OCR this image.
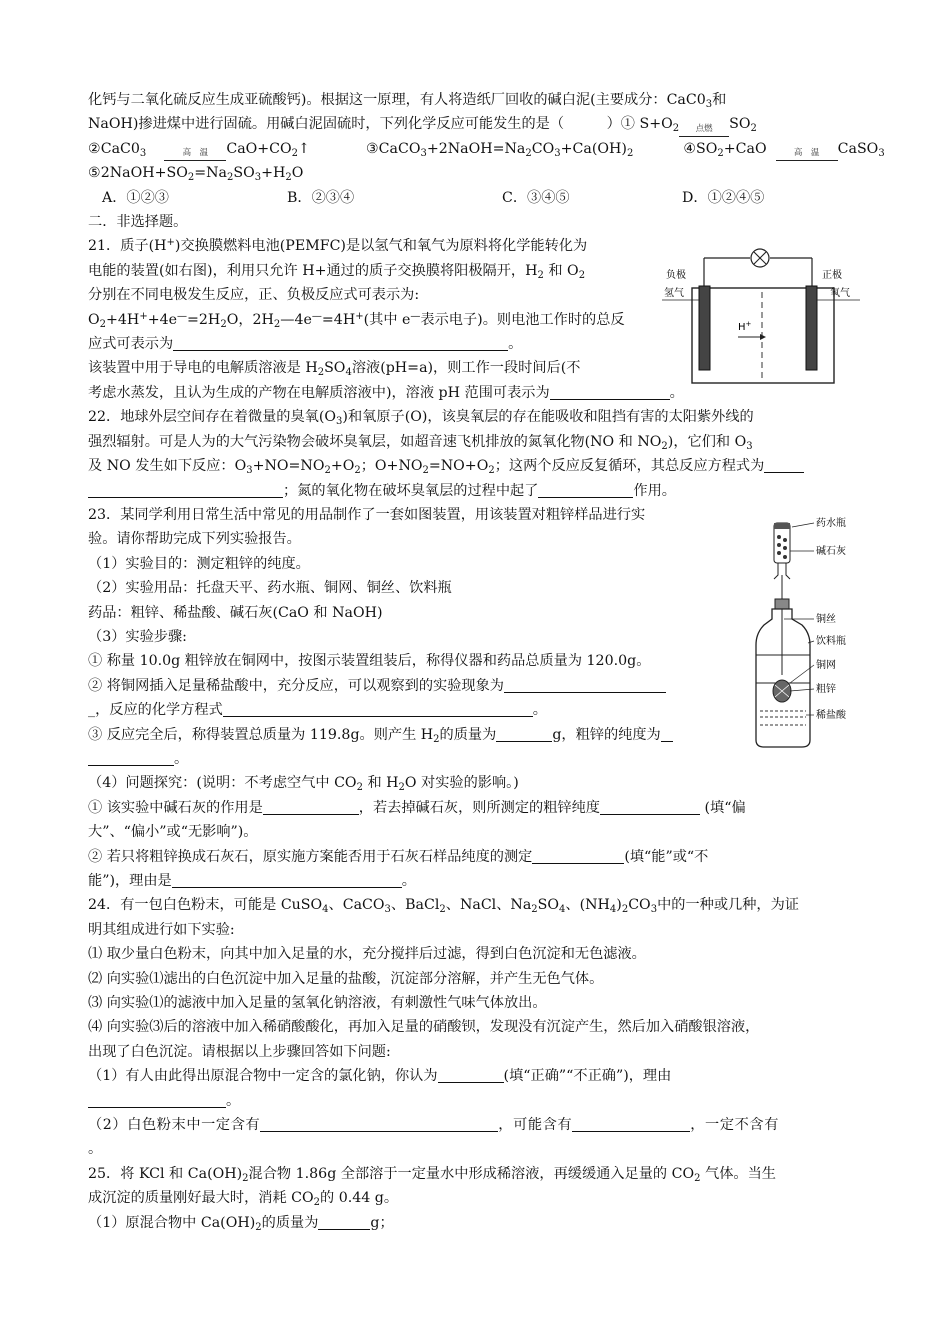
化钙与二氧化硫反应生成亚硫酸钙)。根据这一原理，有人将造纸厂回收的碱白泥(主要成分：$CaC0_3$和
NaOH)掺进煤中进行固硫。用碱白泥固硫时，下列化学反应可能发生的是（　　　）① $S+O_2$	点燃	$SO_2$
$②CaC0_3$	高　温	$CaO+CO_2↑$	$③CaCO_3+2NaOH=Na_2CO_3+Ca(OH)_2$	$④SO_2+CaO$	高　温	CaSO$_3$
$⑤2NaOH+SO_2=Na_2SO_3+H_2O$
A．①②③	B．②③④	C．③④⑤	D．①②④⑤
二．非选择题。
21．质子(H+)交换膜燃料电池(PEMFC)是以氢气和氧气为原料将化学能转化为
电能的装置(如右图)，利用只允许 H+通过的质子交换膜将阳极隔开，$H_2$ 和 $O_2$
分别在不同电极发生反应，正、负极反应式可表示为:
$O_2+4H^++4e^—=2H_2O$，$2H_2—4e^—=4H^+$(其中 e—表示电子)。则电池工作时的总反
应式可表示为	。
该装置中用于导电的电解质溶液是 $H_2SO_4$溶液(pH=a)，则工作一段时间后(不
考虑水蒸发，且认为生成的产物在电解质溶液中)，溶液 pH 范围可表示为	。
22．地球外层空间存在着微量的臭氧$(O_3)$和氧原子(O)，该臭氧层的存在能吸收和阻挡有害的太阳紫外线的
强烈辐射。可是人为的大气污染物会破坏臭氧层，如超音速飞机排放的氮氧化物(NO 和 $NO_2$)，它们和 $O_3$
及 NO 发生如下反应：$O_3+NO=NO_2+O_2$；$O+NO_2=NO+O_2$；这两个反应反复循环，其总反应方程式为
；氮的氧化物在破坏臭氧层的过程中起了	作用。
23．某同学利用日常生活中常见的用品制作了一套如图装置，用该装置对粗锌样品进行实
验。请你帮助完成下列实验报告。
（1）实验目的：测定粗锌的纯度。
（2）实验用品：托盘天平、药水瓶、铜网、铜丝、饮料瓶
药品：粗锌、稀盐酸、碱石灰(CaO 和 NaOH)
（3）实验步骤:
① 称量 10.0g 粗锌放在铜网中，按图示装置组装后，称得仪器和药品总质量为 120.0g。
② 将铜网插入足量稀盐酸中，充分反应，可以观察到的实验现象为
_，反应的化学方程式	。
③ 反应完全后，称得装置总质量为 119.8g。则产生 $H_2$的质量为	g，粗锌的纯度为
。
（4）问题探究：(说明：不考虑空气中 $CO_2$ 和 $H_2O$ 对实验的影响。)
① 该实验中碱石灰的作用是	，若去掉碱石灰，则所测定的粗锌纯度	(填“偏
大”、“偏小”或“无影响”)。
② 若只将粗锌换成石灰石，原实施方案能否用于石灰石样品纯度的测定	(填“能”或“不
能”)，理由是	。
24．有一包白色粉末，可能是 CuSO$_4$、CaCO$_3$、BaCl$_2$、NaCl、$Na_2SO_4$、$(NH_4)_2CO_3$中的一种或几种，为证
明其组成进行如下实验:
⑴ 取少量白色粉末，向其中加入足量的水，充分搅拌后过滤，得到白色沉淀和无色滤液。
⑵ 向实验⑴滤出的白色沉淀中加入足量的盐酸，沉淀部分溶解，并产生无色气体。
⑶ 向实验⑴的滤液中加入足量的氢氧化钠溶液，有刺激性气味气体放出。
⑷ 向实验⑶后的溶液中加入稀硝酸酸化，再加入足量的硝酸钡，发现没有沉淀产生，然后加入硝酸银溶液，
出现了白色沉淀。请根据以上步骤回答如下问题:
（1）有人由此得出原混合物中一定含的氯化钠，你认为	(填“正确”“不正确”)，理由
。
（2）白色粉末中一定含有	，可能含有	，一定不含有
。
25．将 KCl 和 $Ca(OH)_2$混合物 1.86g 全部溶于一定量水中形成稀溶液，再缓缓通入足量的 $CO_2$ 气体。当生
成沉淀的质量刚好最大时，消耗 $CO_2$的 0.44 g。
（1）原混合物中 $Ca(OH)_2$的质量为	g；
负极	正极
氢气	氧气
H+
药水瓶
碱石灰
铜丝
饮料瓶
铜网
粗锌
稀盐酸
